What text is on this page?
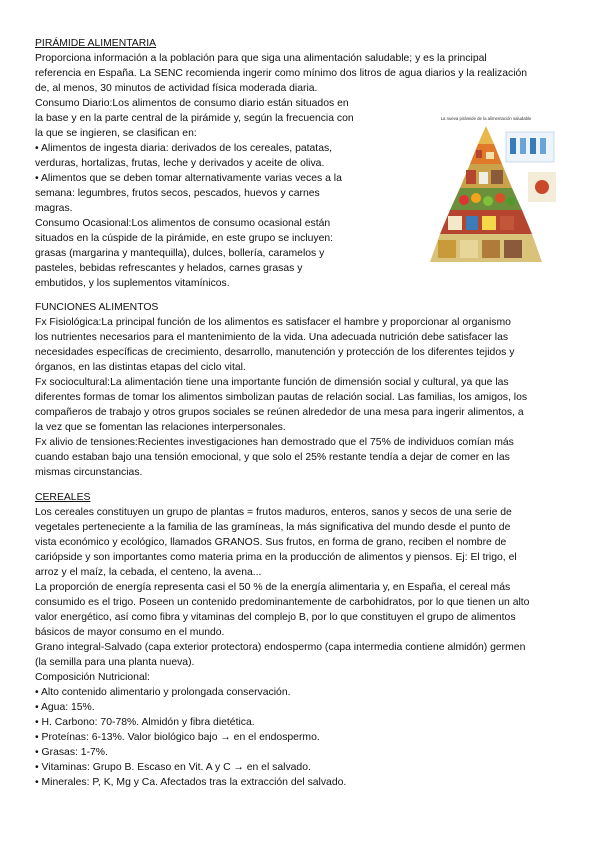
PIRÁMIDE ALIMENTARIA
Proporciona información a la población para que siga una alimentación saludable; y es la principal
referencia en España. La SENC recomienda ingerir como mínimo dos litros de agua diarios y la realización
de, al menos, 30 minutos de actividad física moderada diaria.
Consumo Diario:Los alimentos de consumo diario están situados en
la base y en la parte central de la pirámide y, según la frecuencia con
la que se ingieren, se clasifican en:
• Alimentos de ingesta diaria: derivados de los cereales, patatas,
verduras, hortalizas, frutas, leche y derivados y aceite de oliva.
• Alimentos que se deben tomar alternativamente varias veces a la
semana: legumbres, frutos secos, pescados, huevos y carnes
magras.
Consumo Ocasional:Los alimentos de consumo ocasional están
situados en la cúspide de la pirámide, en este grupo se incluyen:
grasas (margarina y mantequilla), dulces, bollería, caramelos y
pasteles, bebidas refrescantes y helados, carnes grasas y
embutidos, y los suplementos vitamínicos.
La nueva pirámide de la alimentación saludable
FUNCIONES ALIMENTOS
Fx Fisiológica:La principal función de los alimentos es satisfacer el hambre y proporcionar al organismo
los nutrientes necesarios para el mantenimiento de la vida. Una adecuada nutrición debe satisfacer las
necesidades específicas de crecimiento, desarrollo, manutención y protección de los diferentes tejidos y
órganos, en las distintas etapas del ciclo vital.
Fx sociocultural:La alimentación tiene una importante función de dimensión social y cultural, ya que las
diferentes formas de tomar los alimentos simbolizan pautas de relación social. Las familias, los amigos, los
compañeros de trabajo y otros grupos sociales se reúnen alrededor de una mesa para ingerir alimentos, a
la vez que se fomentan las relaciones interpersonales.
Fx alivio de tensiones:Recientes investigaciones han demostrado que el 75% de individuos comían más
cuando estaban bajo una tensión emocional, y que solo el 25% restante tendía a dejar de comer en las
mismas circunstancias.
CEREALES
Los cereales constituyen un grupo de plantas = frutos maduros, enteros, sanos y secos de una serie de
vegetales perteneciente a la familia de las gramíneas, la más significativa del mundo desde el punto de
vista económico y ecológico, llamados GRANOS. Sus frutos, en forma de grano, reciben el nombre de
cariópside y son importantes como materia prima en la producción de alimentos y piensos. Ej: El trigo, el
arroz y el maíz, la cebada, el centeno, la avena...
La proporción de energía representa casi el 50 % de la energía alimentaria y, en España, el cereal más
consumido es el trigo. Poseen un contenido predominantemente de carbohidratos, por lo que tienen un alto
valor energético, así como fibra y vitaminas del complejo B, por lo que constituyen el grupo de alimentos
básicos de mayor consumo en el mundo.
Grano integral-Salvado (capa exterior protectora) endospermo (capa intermedia contiene almidón) germen
(la semilla para una planta nueva).
Composición Nutricional:
• Alto contenido alimentario y prolongada conservación.
• Agua: 15%.
• H. Carbono: 70-78%. Almidón y fibra dietética.
• Proteínas: 6-13%. Valor biológico bajo → en el endospermo.
• Grasas: 1-7%.
• Vitaminas: Grupo B. Escaso en Vit. A y C → en el salvado.
• Minerales: P, K, Mg y Ca. Afectados tras la extracción del salvado.
